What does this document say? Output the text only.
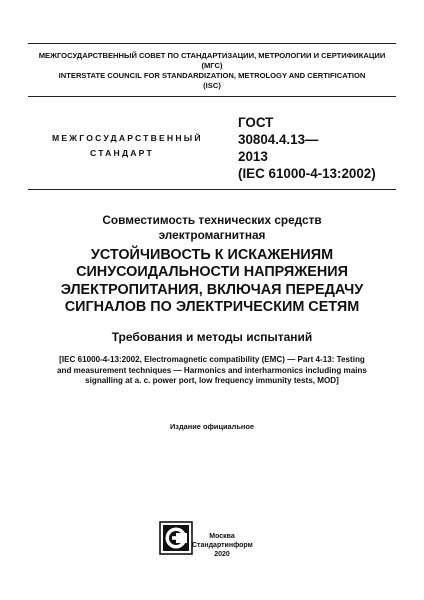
МЕЖГОСУДАРСТВЕННЫЙ СОВЕТ ПО СТАНДАРТИЗАЦИИ, МЕТРОЛОГИИ И СЕРТИФИКАЦИИ
(МГС)
INTERSTATE COUNCIL FOR STANDARDIZATION, METROLOGY AND CERTIFICATION
(ISC)
МЕЖГОСУДАРСТВЕННЫЙ
СТАНДАРТ
ГОСТ
30804.4.13—
2013
(IEC 61000-4-13:2002)
Совместимость технических средств
электромагнитная
УСТОЙЧИВОСТЬ К ИСКАЖЕНИЯМ
СИНУСОИДАЛЬНОСТИ НАПРЯЖЕНИЯ
ЭЛЕКТРОПИТАНИЯ, ВКЛЮЧАЯ ПЕРЕДАЧУ
СИГНАЛОВ ПО ЭЛЕКТРИЧЕСКИМ СЕТЯМ
Требования и методы испытаний
[IEC 61000-4-13:2002, Electromagnetic compatibility (EMC) — Part 4-13: Testing
and measurement techniques — Harmonics and interharmonics including mains
signalling at a. c. power port, low frequency immunity tests, MOD]
Издание официальное
Москва
Стандартинформ
2020
